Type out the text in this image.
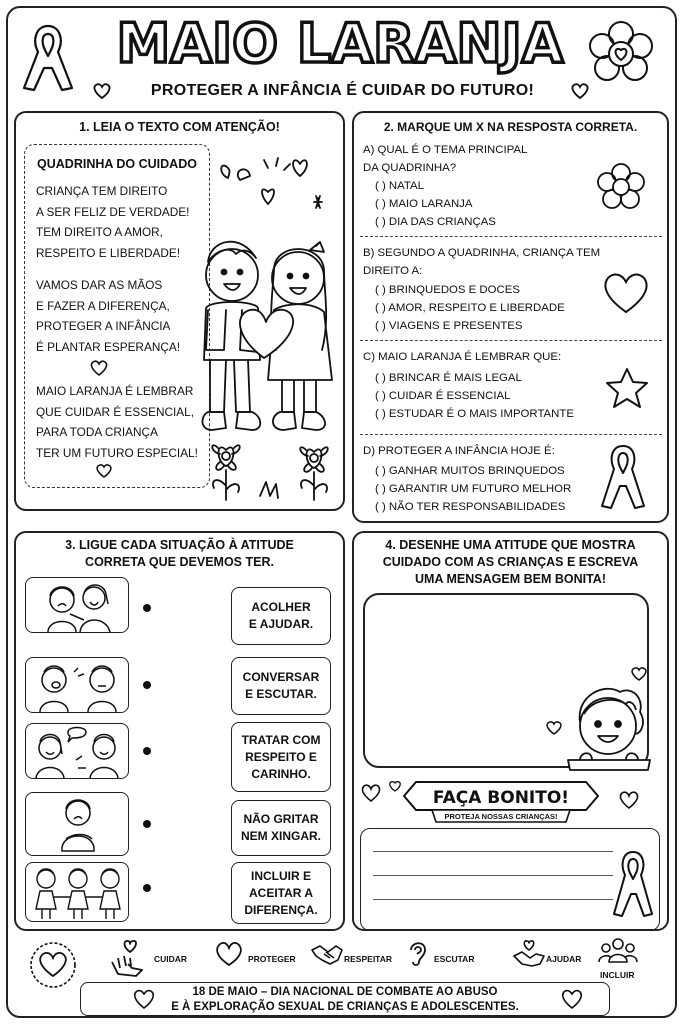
MAIO LARANJA
PROTEGER A INFÂNCIA É CUIDAR DO FUTURO!
1. LEIA O TEXTO COM ATENÇÃO!
QUADRINHA DO CUIDADO
CRIANÇA TEM DIREITO
A SER FELIZ DE VERDADE!
TEM DIREITO A AMOR,
RESPEITO E LIBERDADE!
VAMOS DAR AS MÃOS
E FAZER A DIFERENÇA,
PROTEGER A INFÂNCIA
É PLANTAR ESPERANÇA!
MAIO LARANJA É LEMBRAR
QUE CUIDAR É ESSENCIAL,
PARA TODA CRIANÇA
TER UM FUTURO ESPECIAL!
2. MARQUE UM X NA RESPOSTA CORRETA.
A) QUAL É O TEMA PRINCIPAL
DA QUADRINHA?
( ) NATAL
( ) MAIO LARANJA
( ) DIA DAS CRIANÇAS
B) SEGUNDO A QUADRINHA, CRIANÇA TEM
DIREITO A:
( ) BRINQUEDOS E DOCES
( ) AMOR, RESPEITO E LIBERDADE
( ) VIAGENS E PRESENTES
C) MAIO LARANJA É LEMBRAR QUE:
( ) BRINCAR É MAIS LEGAL
( ) CUIDAR É ESSENCIAL
( ) ESTUDAR É O MAIS IMPORTANTE
D) PROTEGER A INFÂNCIA HOJE É:
( ) GANHAR MUITOS BRINQUEDOS
( ) GARANTIR UM FUTURO MELHOR
( ) NÃO TER RESPONSABILIDADES
3. LIGUE CADA SITUAÇÃO À ATITUDE
CORRETA QUE DEVEMOS TER.
ACOLHER
E AJUDAR.
CONVERSAR
E ESCUTAR.
TRATAR COM
RESPEITO E
CARINHO.
NÃO GRITAR
NEM XINGAR.
INCLUIR E
ACEITAR A
DIFERENÇA.
4. DESENHE UMA ATITUDE QUE MOSTRA
CUIDADO COM AS CRIANÇAS E ESCREVA
UMA MENSAGEM BEM BONITA!
FAÇA BONITO!
PROTEJA NOSSAS CRIANÇAS!
CUIDAR	PROTEGER	RESPEITAR	ESCUTAR	AJUDAR
INCLUIR
18 DE MAIO – DIA NACIONAL DE COMBATE AO ABUSO
E À EXPLORAÇÃO SEXUAL DE CRIANÇAS E ADOLESCENTES.
